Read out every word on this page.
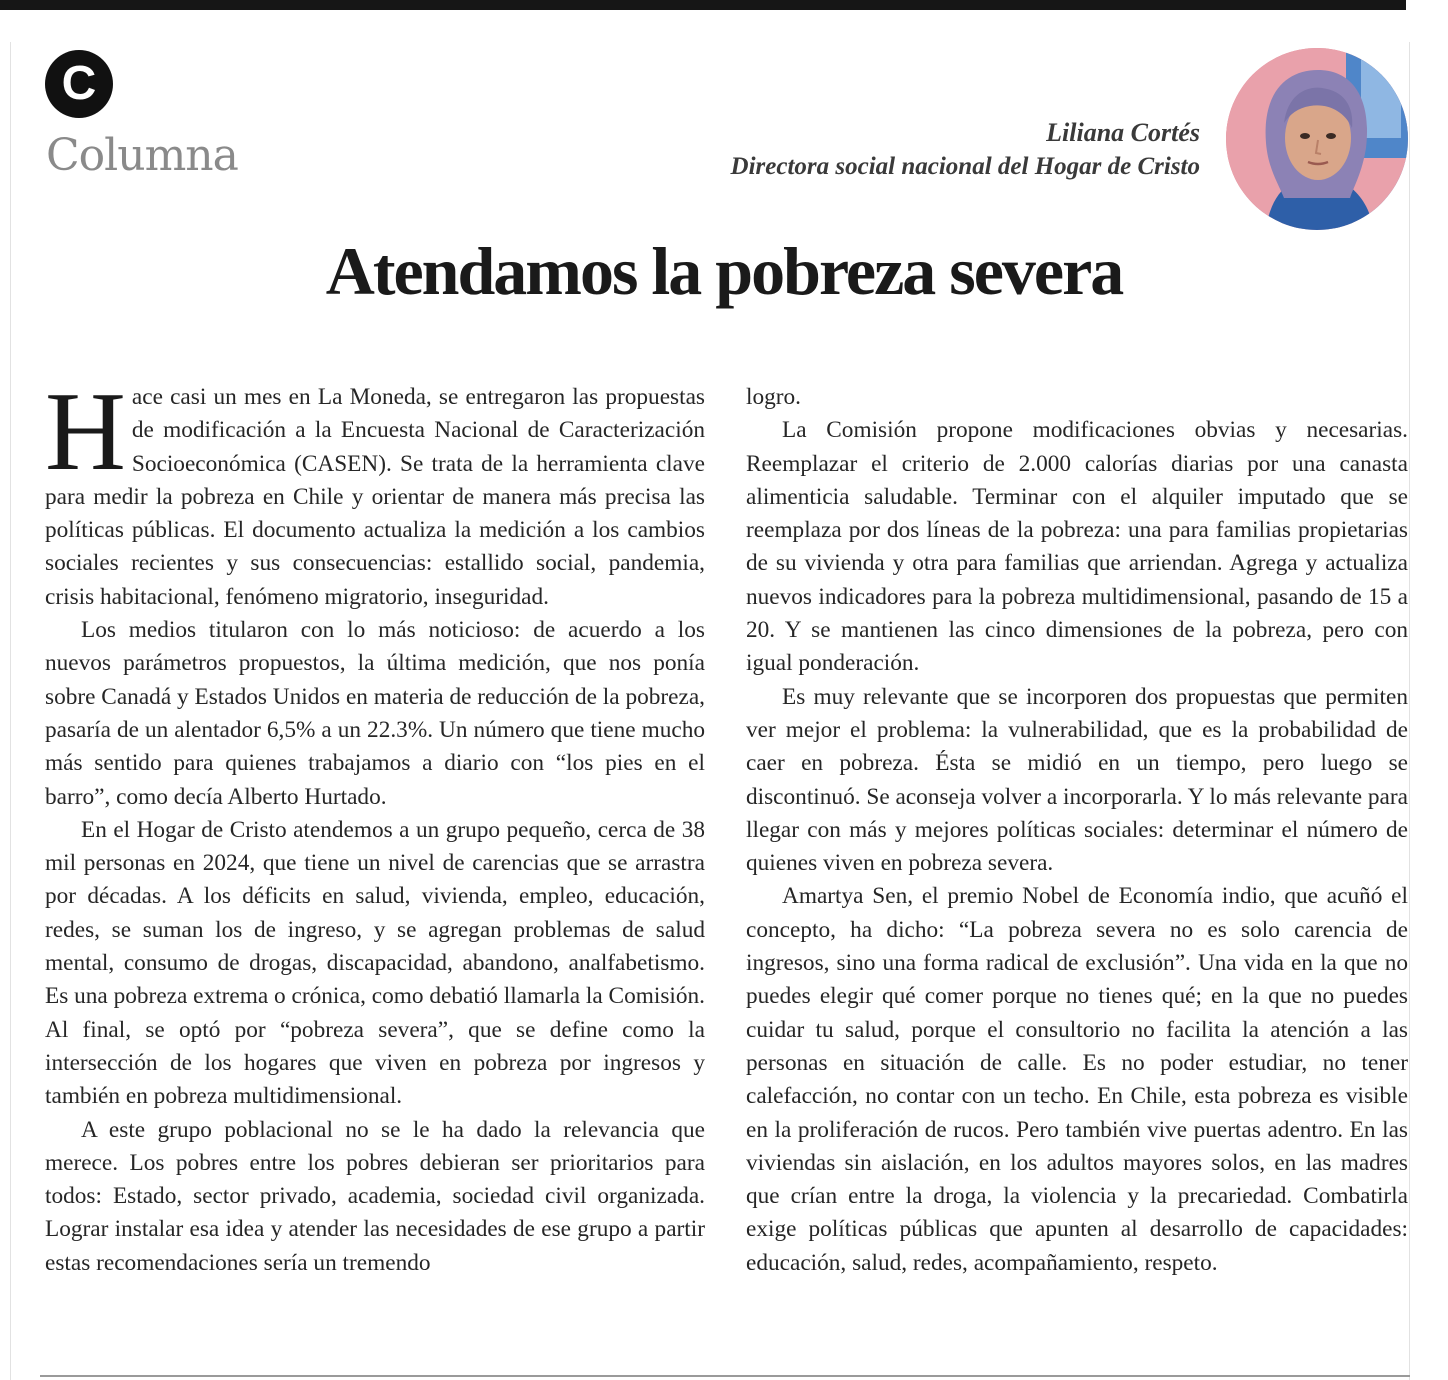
C
Columna	Liliana Cortés
Directora social nacional del Hogar de Cristo
Atendamos la pobreza severa

Hace casi un mes en La Moneda, se entregaron las propuestas de modificación a la Encuesta Nacional de Caracterización Socioeconómica (CASEN). Se trata de la herramienta clave para medir la pobreza en Chile y orientar de manera más precisa las políticas públicas. El documento actualiza la medición a los cambios sociales recientes y sus consecuencias: estallido social, pandemia, crisis habitacional, fenómeno migratorio, inseguridad.

Los medios titularon con lo más noticioso: de acuerdo a los nuevos parámetros propuestos, la última medición, que nos ponía sobre Canadá y Estados Unidos en materia de reducción de la pobreza, pasaría de un alentador 6,5% a un 22.3%. Un número que tiene mucho más sentido para quienes trabajamos a diario con “los pies en el barro”, como decía Alberto Hurtado.

En el Hogar de Cristo atendemos a un grupo pequeño, cerca de 38 mil personas en 2024, que tiene un nivel de carencias que se arrastra por décadas. A los déficits en salud, vivienda, empleo, educación, redes, se suman los de ingreso, y se agregan problemas de salud mental, consumo de drogas, discapacidad, abandono, analfabetismo. Es una pobreza extrema o crónica, como debatió llamarla la Comisión. Al final, se optó por “pobreza severa”, que se define como la intersección de los hogares que viven en pobreza por ingresos y también en pobreza multidimensional.

A este grupo poblacional no se le ha dado la relevancia que merece. Los pobres entre los pobres debieran ser prioritarios para todos: Estado, sector privado, academia, sociedad civil organizada. Lograr instalar esa idea y atender las necesidades de ese grupo a partir estas recomendaciones sería un tremendo

logro.

La Comisión propone modificaciones obvias y necesarias. Reemplazar el criterio de 2.000 calorías diarias por una canasta alimenticia saludable. Terminar con el alquiler imputado que se reemplaza por dos líneas de la pobreza: una para familias propietarias de su vivienda y otra para familias que arriendan. Agrega y actualiza nuevos indicadores para la pobreza multidimensional, pasando de 15 a 20. Y se mantienen las cinco dimensiones de la pobreza, pero con igual ponderación.

Es muy relevante que se incorporen dos propuestas que permiten ver mejor el problema: la vulnerabilidad, que es la probabilidad de caer en pobreza. Ésta se midió en un tiempo, pero luego se discontinuó. Se aconseja volver a incorporarla. Y lo más relevante para llegar con más y mejores políticas sociales: determinar el número de quienes viven en pobreza severa.

Amartya Sen, el premio Nobel de Economía indio, que acuñó el concepto, ha dicho: “La pobreza severa no es solo carencia de ingresos, sino una forma radical de exclusión”. Una vida en la que no puedes elegir qué comer porque no tienes qué; en la que no puedes cuidar tu salud, porque el consultorio no facilita la atención a las personas en situación de calle. Es no poder estudiar, no tener calefacción, no contar con un techo. En Chile, esta pobreza es visible en la proliferación de rucos. Pero también vive puertas adentro. En las viviendas sin aislación, en los adultos mayores solos, en las madres que crían entre la droga, la violencia y la precariedad. Combatirla exige políticas públicas que apunten al desarrollo de capacidades: educación, salud, redes, acompañamiento, respeto.
